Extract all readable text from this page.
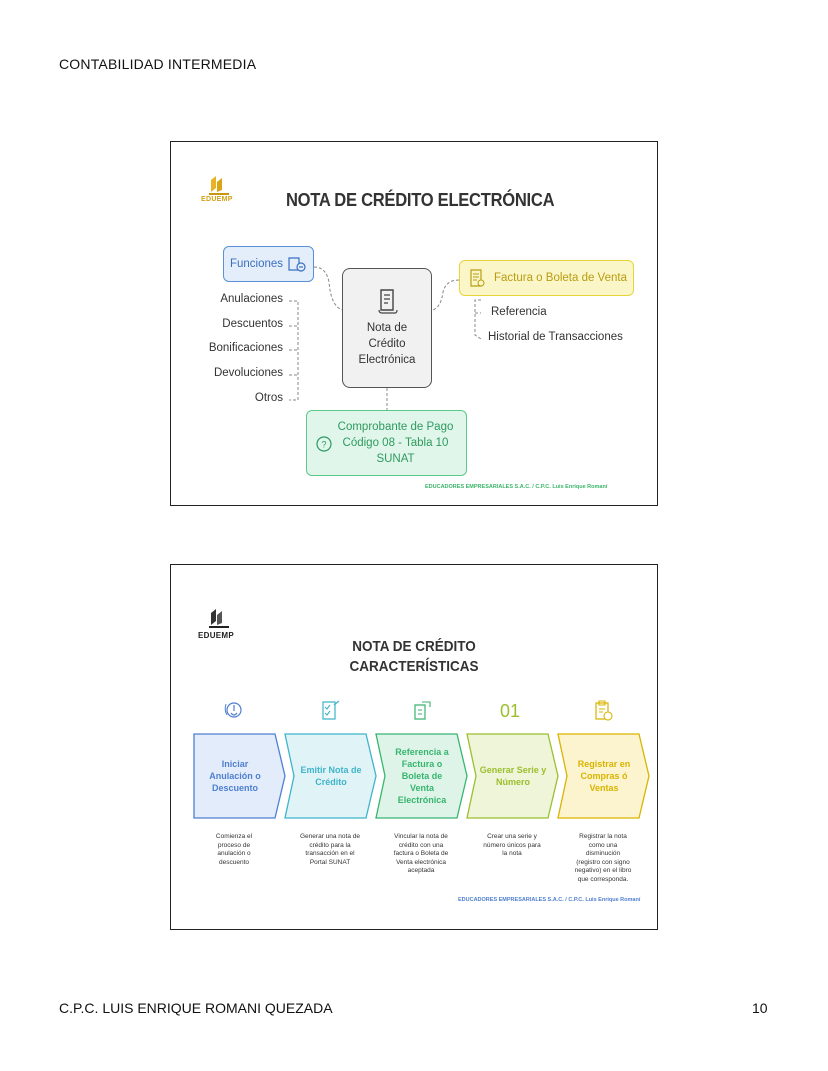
CONTABILIDAD INTERMEDIA
EDUEMP	NOTA DE CRÉDITO ELECTRÓNICA
Nota de
Crédito
Electrónica
Funciones
Anulaciones
Descuentos
Bonificaciones
Devoluciones
Otros
Factura o Boleta de Venta
Referencia
Historial de Transacciones
?
Comprobante de Pago
Código 08 - Tabla 10
SUNAT
EDUCADORES EMPRESARIALES S.A.C. / C.P.C. Luis Enrique Romaní
EDUEMP
NOTA DE CRÉDITO
CARACTERÍSTICAS
Iniciar
Anulación o
Descuento
Comienza el
proceso de
anulación o
descuento
Emitir Nota de
Crédito
Generar una nota de
crédito para la
transacción en el
Portal SUNAT
Referencia a
Factura o
Boleta de
Venta
Electrónica
Vincular la nota de
crédito con una
factura o Boleta de
Venta electrónica
aceptada
Generar Serie y
Número
01
Crear una serie y
número únicos para
la nota
Registrar en
Compras ó
Ventas
Registrar la nota
como una
disminución
(registro con signo
negativo) en el libro
que corresponda.
EDUCADORES EMPRESARIALES S.A.C. / C.P.C. Luis Enrique Romaní
C.P.C. LUIS ENRIQUE ROMANI QUEZADA	10
